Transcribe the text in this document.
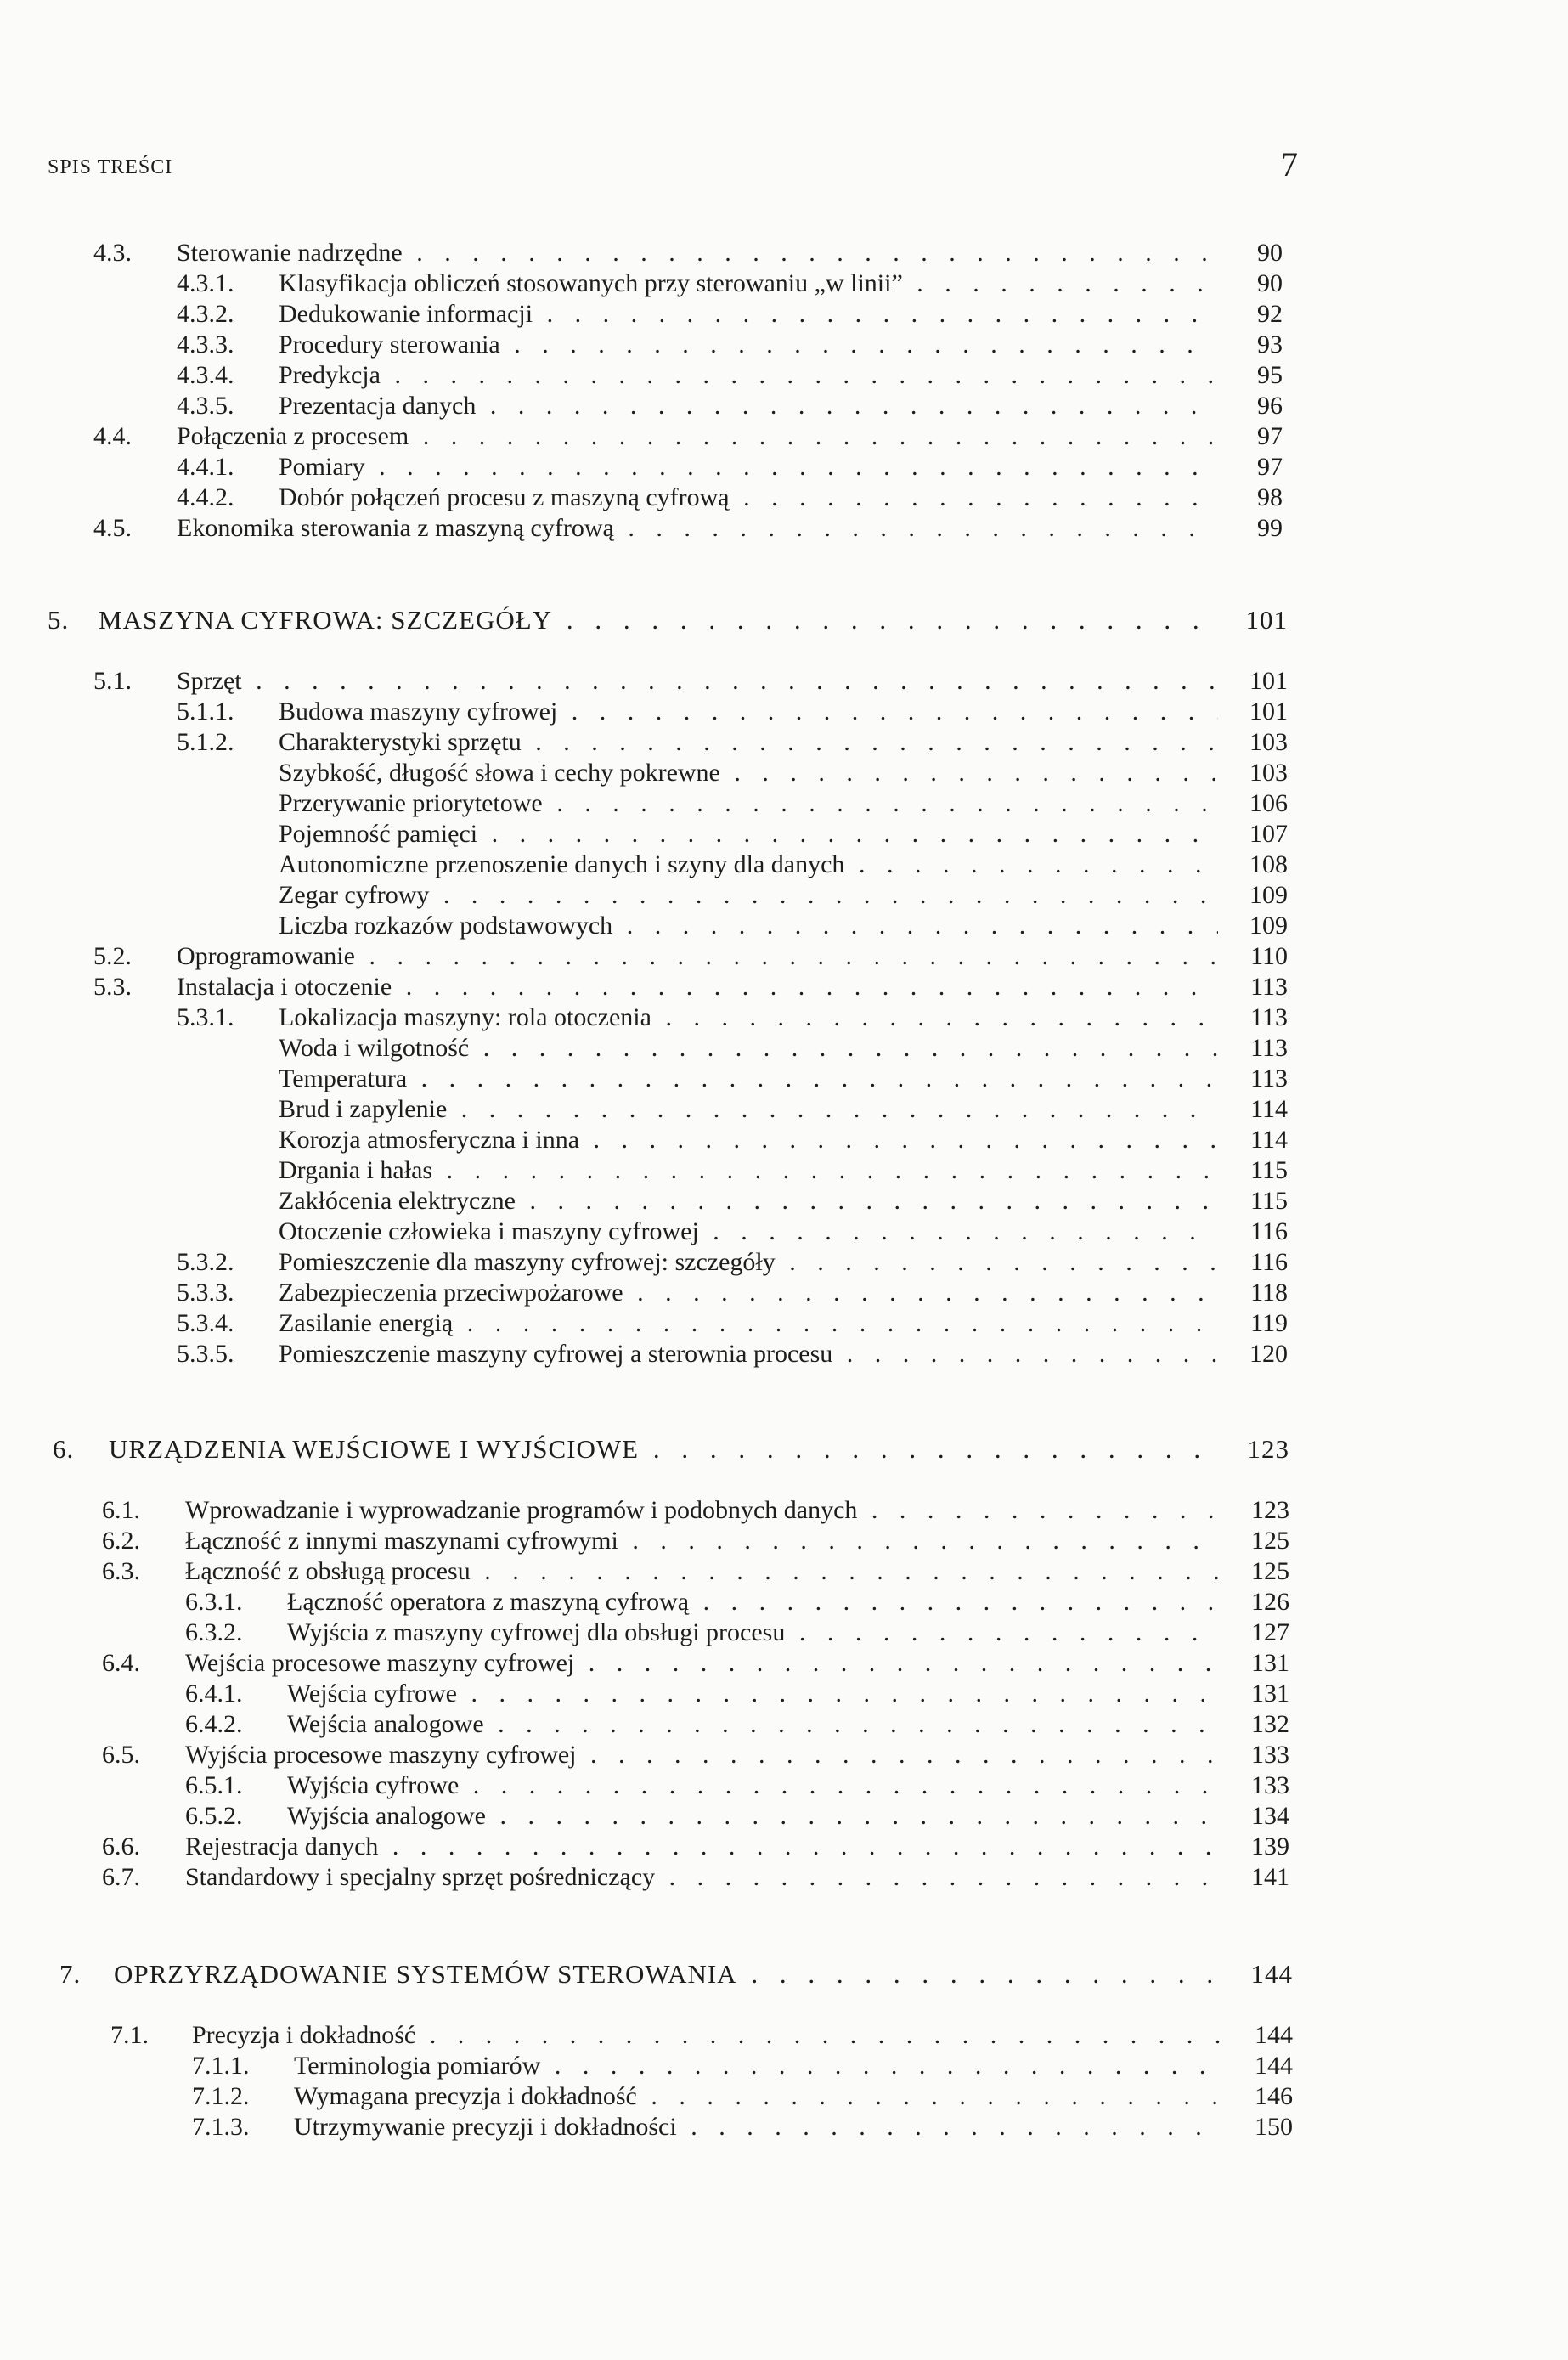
SPIS TREŚCI	7
4.3.	Sterowanie nadrzędne . .	90
4.3.1.	Klasyfikacja obliczeń stosowanych przy sterowaniu „w linii” . .	90
4.3.2.	Dedukowanie informacji . .	92
4.3.3.	Procedury sterowania . .	93
4.3.4.	Predykcja . .	95
4.3.5.	Prezentacja danych . .	96
4.4.	Połączenia z procesem . .	97
4.4.1.	Pomiary . .	97
4.4.2.	Dobór połączeń procesu z maszyną cyfrową . .	98
4.5.	Ekonomika sterowania z maszyną cyfrową . .	99
5.	MASZYNA CYFROWA: SZCZEGÓŁY . .	101
5.1.	Sprzęt . .	101
5.1.1.	Budowa maszyny cyfrowej . .	101
5.1.2.	Charakterystyki sprzętu . .	103
Szybkość, długość słowa i cechy pokrewne . .	103
Przerywanie priorytetowe . .	106
Pojemność pamięci . .	107
Autonomiczne przenoszenie danych i szyny dla danych . .	108
Zegar cyfrowy . .	109
Liczba rozkazów podstawowych . .	109
5.2.	Oprogramowanie . .	110
5.3.	Instalacja i otoczenie . .	113
5.3.1.	Lokalizacja maszyny: rola otoczenia . .	113
Woda i wilgotność . .	113
Temperatura . .	113
Brud i zapylenie . .	114
Korozja atmosferyczna i inna . .	114
Drgania i hałas . .	115
Zakłócenia elektryczne . .	115
Otoczenie człowieka i maszyny cyfrowej . .	116
5.3.2.	Pomieszczenie dla maszyny cyfrowej: szczegóły . .	116
5.3.3.	Zabezpieczenia przeciwpożarowe . .	118
5.3.4.	Zasilanie energią . .	119
5.3.5.	Pomieszczenie maszyny cyfrowej a sterownia procesu . .	120
6.	URZĄDZENIA WEJŚCIOWE I WYJŚCIOWE . .	123
6.1.	Wprowadzanie i wyprowadzanie programów i podobnych danych . .	123
6.2.	Łączność z innymi maszynami cyfrowymi . .	125
6.3.	Łączność z obsługą procesu . .	125
6.3.1.	Łączność operatora z maszyną cyfrową . .	126
6.3.2.	Wyjścia z maszyny cyfrowej dla obsługi procesu . .	127
6.4.	Wejścia procesowe maszyny cyfrowej . .	131
6.4.1.	Wejścia cyfrowe . .	131
6.4.2.	Wejścia analogowe . .	132
6.5.	Wyjścia procesowe maszyny cyfrowej . .	133
6.5.1.	Wyjścia cyfrowe . .	133
6.5.2.	Wyjścia analogowe . .	134
6.6.	Rejestracja danych . .	139
6.7.	Standardowy i specjalny sprzęt pośredniczący . .	141
7.	OPRZYRZĄDOWANIE SYSTEMÓW STEROWANIA . .	144
7.1.	Precyzja i dokładność . .	144
7.1.1.	Terminologia pomiarów . .	144
7.1.2.	Wymagana precyzja i dokładność . .	146
7.1.3.	Utrzymywanie precyzji i dokładności . .	150
